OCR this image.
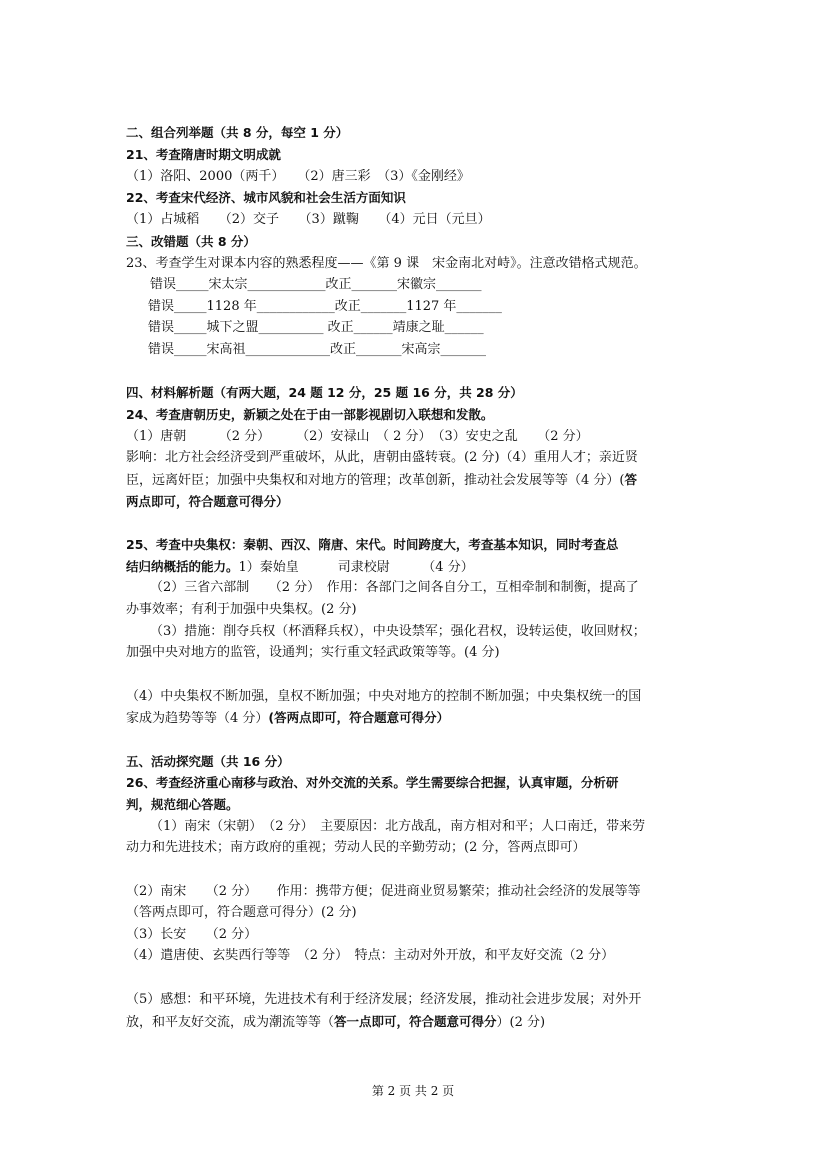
二、组合列举题（共 8 分，每空 1 分）
21、考查隋唐时期文明成就
（1）洛阳、2000（两千）　　（2）唐三彩　（3）《金刚经》
22、考查宋代经济、城市风貌和社会生活方面知识
（1）占城稻　　（2）交子　　（3）蹴鞠　　（4）元日（元旦）
三、改错题（共 8 分）
23、考查学生对课本内容的熟悉程度——《第 9 课　宋金南北对峙》。注意改错格式规范。
错误_____宋太宗____________改正_______宋徽宗_______
错误_____1128 年____________改正_______1127 年_______
错误_____城下之盟__________ 改正______靖康之耻______
错误_____宋高祖_____________改正_______宋高宗_______
四、材料解析题（有两大题，24 题 12 分，25 题 16 分，共 28 分）
24、考查唐朝历史，新颖之处在于由一部影视剧切入联想和发散。
（1）唐朝　　　（2 分）　　　（2）安禄山　（ 2 分）　（3）安史之乱　　（2 分）
影响：北方社会经济受到严重破坏，从此，唐朝由盛转衰。(2 分)（4）重用人才；亲近贤
臣，远离奸臣；加强中央集权和对地方的管理；改革创新，推动社会发展等等（4 分）(答
两点即可，符合题意可得分）
25、考查中央集权：秦朝、西汉、隋唐、宋代。时间跨度大，考查基本知识，同时考查总
结归纳概括的能力。1）秦始皇　　　司隶校尉　　　（4 分）
（2）三省六部制　　（2 分）　作用：各部门之间各自分工，互相牵制和制衡，提高了
办事效率；有利于加强中央集权。(2 分)
（3）措施：削夺兵权（杯酒释兵权），中央设禁军；强化君权，设转运使，收回财权；
加强中央对地方的监管，设通判；实行重文轻武政策等等。(4 分)
（4）中央集权不断加强，皇权不断加强；中央对地方的控制不断加强；中央集权统一的国
家成为趋势等等（4 分）(答两点即可，符合题意可得分）
五、活动探究题（共 16 分）
26、考查经济重心南移与政治、对外交流的关系。学生需要综合把握，认真审题，分析研
判，规范细心答题。
（1）南宋（宋朝）　（2 分）　主要原因：北方战乱，南方相对和平；人口南迁，带来劳
动力和先进技术；南方政府的重视；劳动人民的辛勤劳动；(2 分，答两点即可）
（2）南宋　　（2 分）　　作用：携带方便；促进商业贸易繁荣；推动社会经济的发展等等
（答两点即可，符合题意可得分）(2 分)
（3）长安　　（2 分）
（4）遣唐使、玄奘西行等等　（2 分）　特点：主动对外开放，和平友好交流（2 分）
（5）感想：和平环境，先进技术有利于经济发展；经济发展，推动社会进步发展；对外开
放，和平友好交流，成为潮流等等（答一点即可，符合题意可得分）(2 分)
第 2 页 共 2 页
